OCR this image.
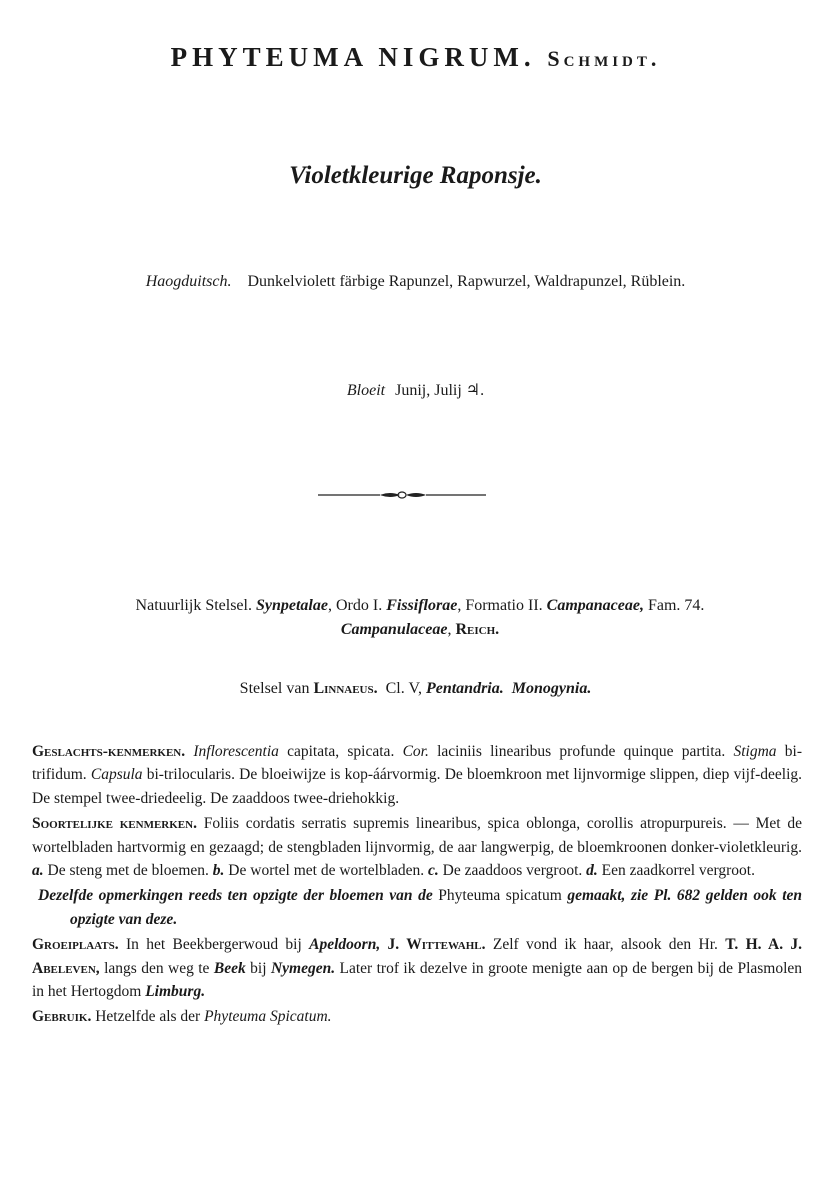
PHYTEUMA NIGRUM. Schmidt.
Violetkleurige Raponsje.
Haogduitsch. Dunkelviolett färbige Rapunzel, Rapwurzel, Waldrapunzel, Rüblein.
Bloeit Junij, Julij ♃.
Natuurlijk Stelsel. Synpetalae, Ordo I. Fissiflorae, Formatio II. Campanaceae, Fam. 74.
Campanulaceae, Reich.
Stelsel van Linnaeus. Cl. V, Pentandria. Monogynia.

Geslachts-kenmerken. Inflorescentia capitata, spicata. Cor. laciniis linearibus profunde quinque partita. Stigma bi-trifidum. Capsula bi-trilocularis. De bloeiwijze is kop-áárvormig. De bloemkroon met lijnvormige slippen, diep vijf-deelig. De stempel twee-driedeelig. De zaaddoos twee-driehokkig.

Soortelijke kenmerken. Foliis cordatis serratis supremis linearibus, spica oblonga, corollis atropurpureis. — Met de wortelbladen hartvormig en gezaagd; de stengbladen lijnvormig, de aar langwerpig, de bloemkroonen donker-violetkleurig. a. De steng met de bloemen. b. De wortel met de wortelbladen. c. De zaaddoos vergroot. d. Een zaadkorrel vergroot.

Dezelfde opmerkingen reeds ten opzigte der bloemen van de Phyteuma spicatum gemaakt, zie Pl. 682 gelden ook ten opzigte van deze.

Groeiplaats. In het Beekbergerwoud bij Apeldoorn, J. Wittewahl. Zelf vond ik haar, alsook den Hr. T. H. A. J. Abeleven, langs den weg te Beek bij Nymegen. Later trof ik dezelve in groote menigte aan op de bergen bij de Plasmolen in het Hertogdom Limburg.

Gebruik. Hetzelfde als der Phyteuma Spicatum.
